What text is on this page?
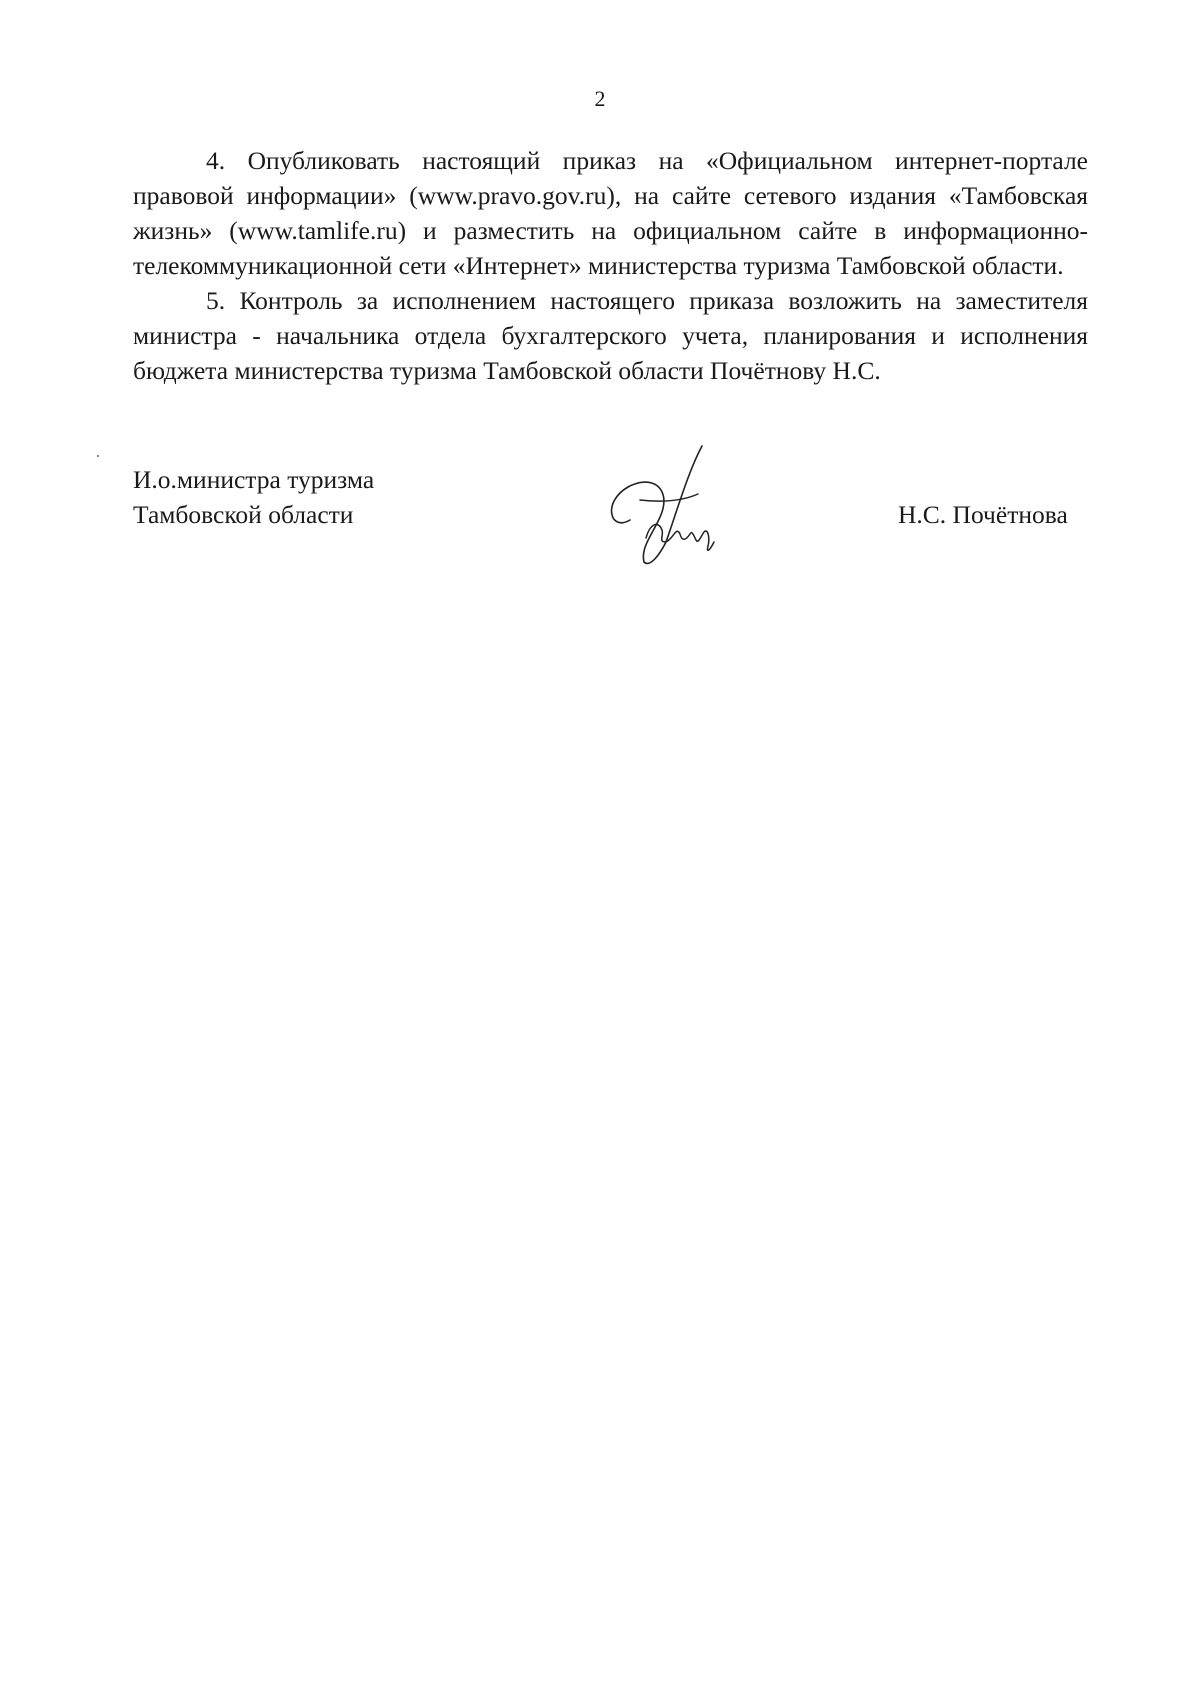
2

4. Опубликовать настоящий приказ на «Официальном интернет-портале правовой информации» (www.pravo.gov.ru), на сайте сетевого издания «Тамбовская жизнь» (www.tamlife.ru) и разместить на официальном сайте в информационно-телекоммуникационной сети «Интернет» министерства туризма Тамбовской области.

5. Контроль за исполнением настоящего приказа возложить на заместителя министра - начальника отдела бухгалтерского учета, планирования и исполнения бюджета министерства туризма Тамбовской области Почётнову Н.С.

И.о.министра туризма
Тамбовской области	Н.С. Почётнова
